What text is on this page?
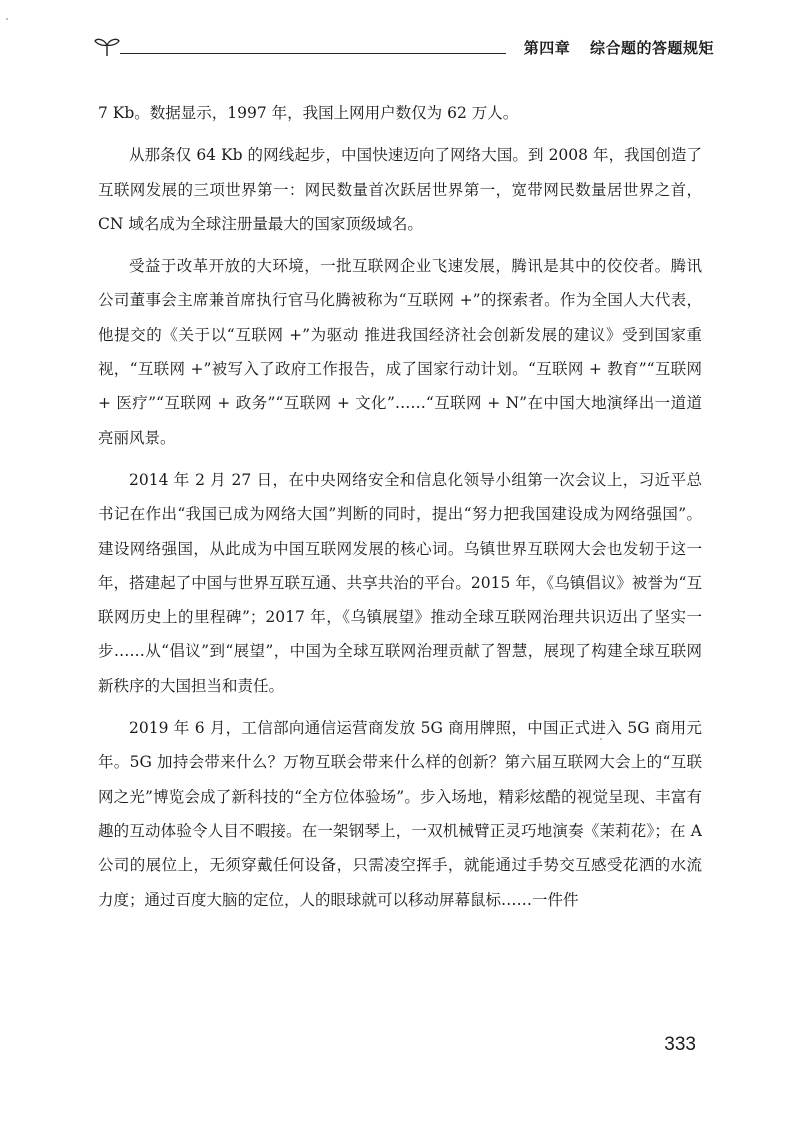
第四章 综合题的答题规矩

7 Kb。数据显示，1997 年，我国上网用户数仅为 62 万人。

从那条仅 64 Kb 的网线起步，中国快速迈向了网络大国。到 2008 年，我国创造了互联网发展的三项世界第一：网民数量首次跃居世界第一，宽带网民数量居世界之首，CN 域名成为全球注册量最大的国家顶级域名。

受益于改革开放的大环境，一批互联网企业飞速发展，腾讯是其中的佼佼者。腾讯公司董事会主席兼首席执行官马化腾被称为“互联网 +”的探索者。作为全国人大代表，他提交的《关于以“互联网 +”为驱动 推进我国经济社会创新发展的建议》受到国家重视，“互联网 +”被写入了政府工作报告，成了国家行动计划。“互联网 + 教育”“互联网 + 医疗”“互联网 + 政务”“互联网 + 文化”……“互联网 + N”在中国大地演绎出一道道亮丽风景。

2014 年 2 月 27 日，在中央网络安全和信息化领导小组第一次会议上，习近平总书记在作出“我国已成为网络大国”判断的同时，提出“努力把我国建设成为网络强国”。建设网络强国，从此成为中国互联网发展的核心词。乌镇世界互联网大会也发轫于这一年，搭建起了中国与世界互联互通、共享共治的平台。2015 年，《乌镇倡议》被誉为“互联网历史上的里程碑”；2017 年，《乌镇展望》推动全球互联网治理共识迈出了坚实一步……从“倡议”到“展望”，中国为全球互联网治理贡献了智慧，展现了构建全球互联网新秩序的大国担当和责任。

2019 年 6 月，工信部向通信运营商发放 5G 商用牌照，中国正式进入 5G 商用元年。5G 加持会带来什么？万物互联会带来什么样的创新？第六届互联网大会上的“互联网之光”博览会成了新科技的“全方位体验场”。步入场地，精彩炫酷的视觉呈现、丰富有趣的互动体验令人目不暇接。在一架钢琴上，一双机械臂正灵巧地演奏《茉莉花》；在 A 公司的展位上，无须穿戴任何设备，只需凌空挥手，就能通过手势交互感受花洒的水流力度；通过百度大脑的定位，人的眼球就可以移动屏幕鼠标……一件件

333
